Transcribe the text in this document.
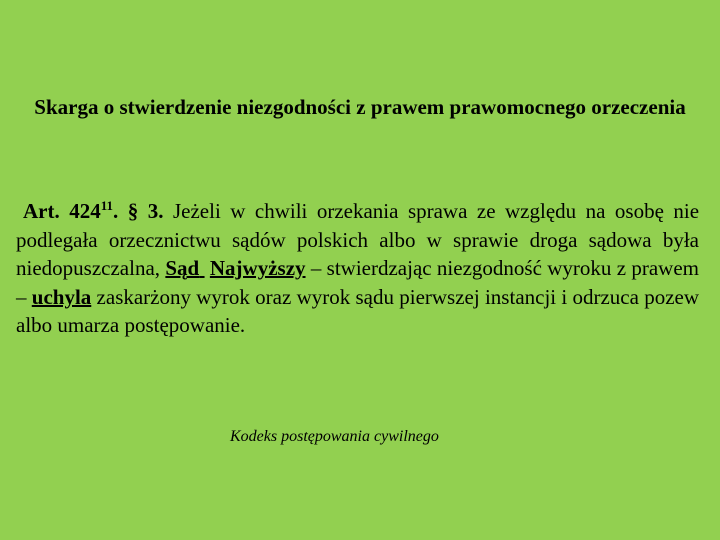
Skarga o stwierdzenie niezgodności z prawem prawomocnego orzeczenia

Art. $424^{11}$. § 3. Jeżeli w chwili orzekania sprawa ze względu na osobę nie podlegała orzecznictwu sądów polskich albo w sprawie droga sądowa była niedopuszczalna, Sąd Najwyższy – stwierdzając niezgodność wyroku z prawem – uchyla zaskarżony wyrok oraz wyrok sądu pierwszej instancji i odrzuca pozew albo umarza postępowanie.

Kodeks postępowania cywilnego
